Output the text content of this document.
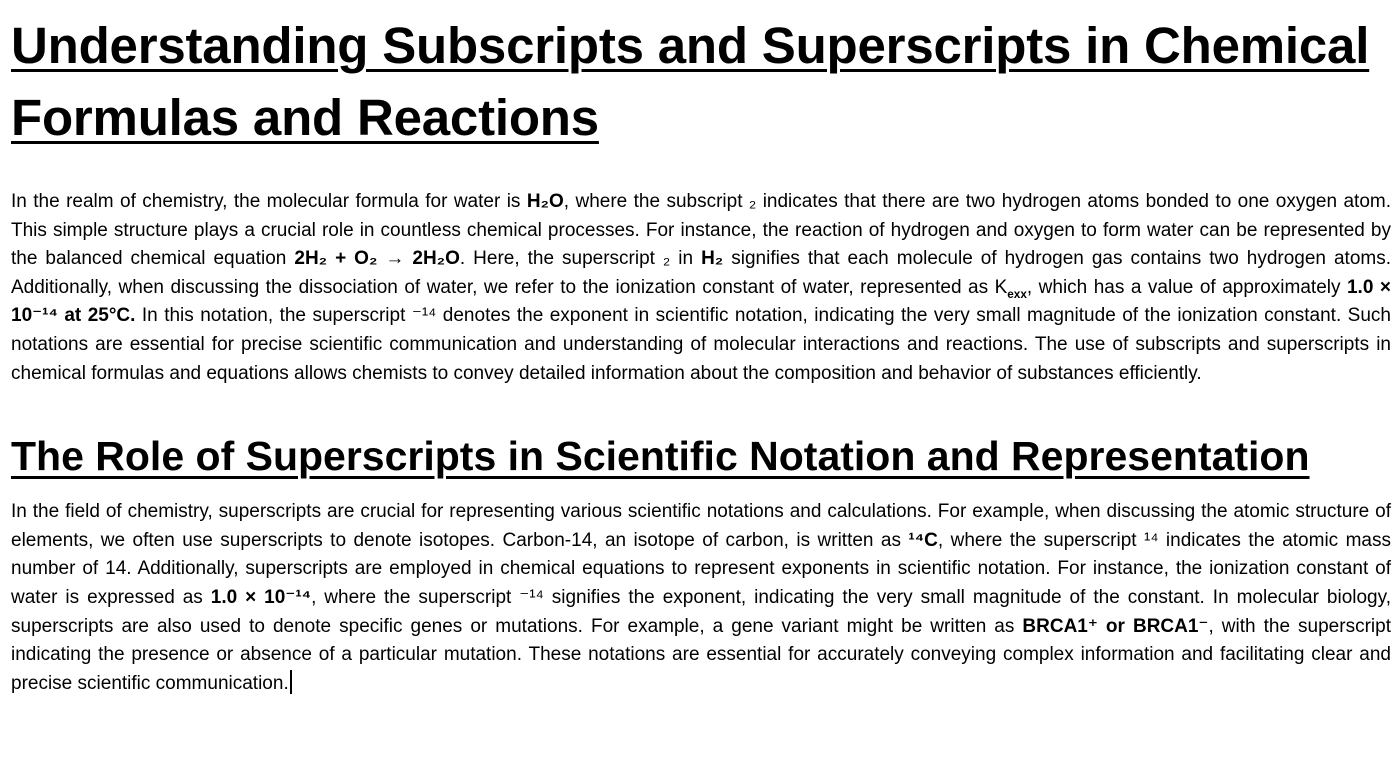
Understanding Subscripts and Superscripts in Chemical Formulas and Reactions

In the realm of chemistry, the molecular formula for water is H₂O, where the subscript ₂ indicates that there are two hydrogen atoms bonded to one oxygen atom. This simple structure plays a crucial role in countless chemical processes. For instance, the reaction of hydrogen and oxygen to form water can be represented by the balanced chemical equation 2H₂ + O₂ → 2H₂O. Here, the superscript ₂ in H₂ signifies that each molecule of hydrogen gas contains two hydrogen atoms. Additionally, when discussing the dissociation of water, we refer to the ionization constant of water, represented as $K_{exx}$, which has a value of approximately 1.0 × 10⁻¹⁴ at 25°C. In this notation, the superscript ⁻¹⁴ denotes the exponent in scientific notation, indicating the very small magnitude of the ionization constant. Such notations are essential for precise scientific communication and understanding of molecular interactions and reactions. The use of subscripts and superscripts in chemical formulas and equations allows chemists to convey detailed information about the composition and behavior of substances efficiently.

The Role of Superscripts in Scientific Notation and Representation

In the field of chemistry, superscripts are crucial for representing various scientific notations and calculations. For example, when discussing the atomic structure of elements, we often use superscripts to denote isotopes. Carbon-14, an isotope of carbon, is written as ¹⁴C, where the superscript ¹⁴ indicates the atomic mass number of 14. Additionally, superscripts are employed in chemical equations to represent exponents in scientific notation. For instance, the ionization constant of water is expressed as 1.0 × 10⁻¹⁴, where the superscript ⁻¹⁴ signifies the exponent, indicating the very small magnitude of the constant. In molecular biology, superscripts are also used to denote specific genes or mutations. For example, a gene variant might be written as BRCA1⁺ or BRCA1⁻, with the superscript indicating the presence or absence of a particular mutation. These notations are essential for accurately conveying complex information and facilitating clear and precise scientific communication.
